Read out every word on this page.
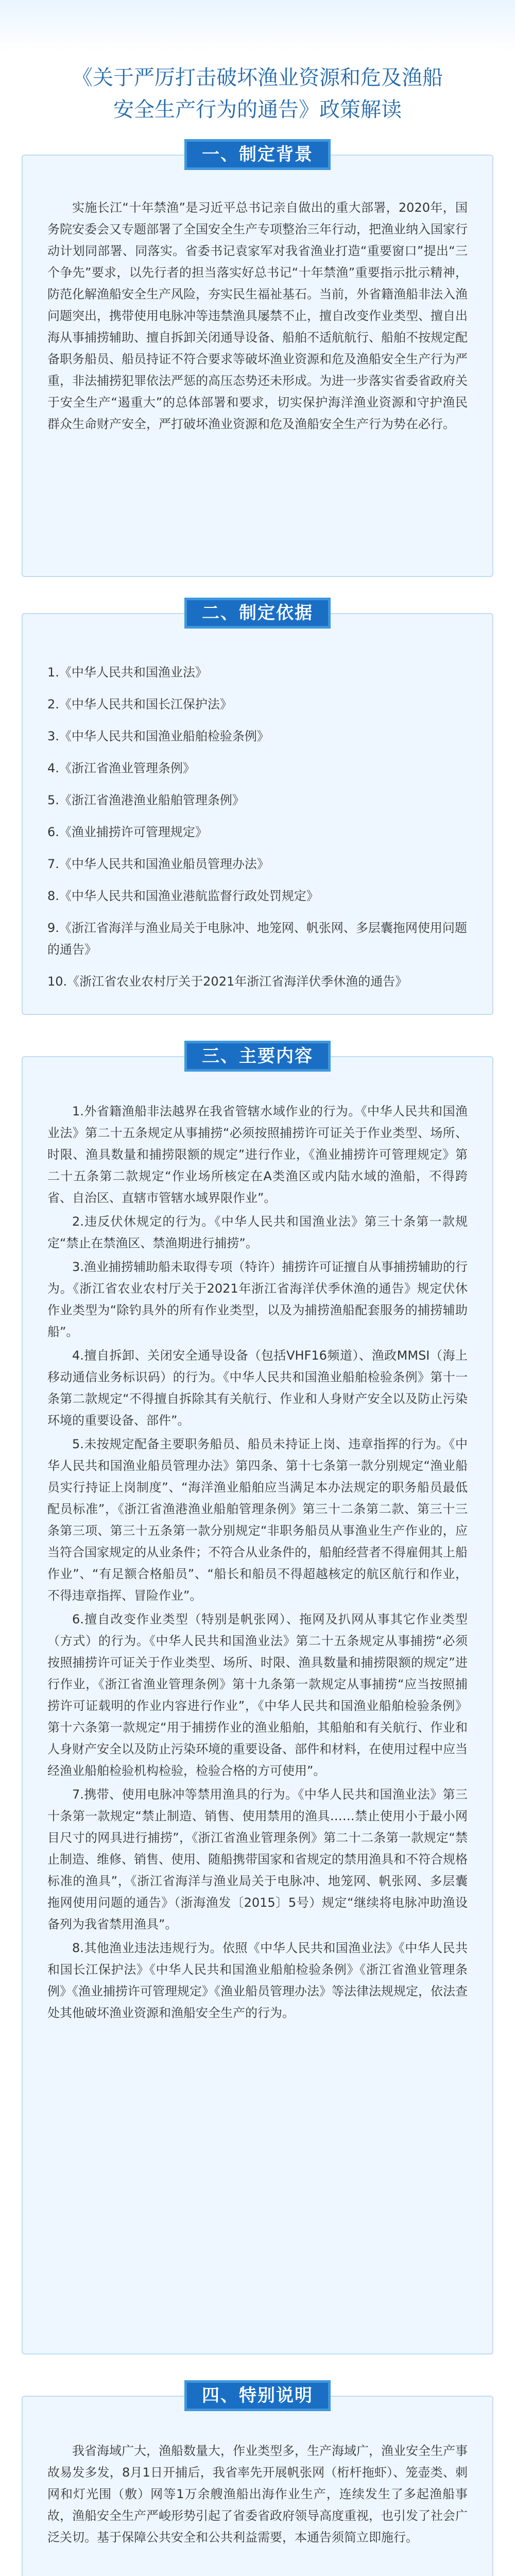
《关于严厉打击破坏渔业资源和危及渔船
安全生产行为的通告》政策解读

实施长江“十年禁渔”是习近平总书记亲自做出的重大部署，2020年，国务院安委会又专题部署了全国安全生产专项整治三年行动，把渔业纳入国家行动计划同部署、同落实。省委书记袁家军对我省渔业打造“重要窗口”提出“三个争先”要求，以先行者的担当落实好总书记“十年禁渔”重要指示批示精神，防范化解渔船安全生产风险，夯实民生福祉基石。当前，外省籍渔船非法入渔问题突出，携带使用电脉冲等违禁渔具屡禁不止，擅自改变作业类型、擅自出海从事捕捞辅助、擅自拆卸关闭通导设备、船舶不适航航行、船舶不按规定配备职务船员、船员持证不符合要求等破坏渔业资源和危及渔船安全生产行为严重，非法捕捞犯罪依法严惩的高压态势还未形成。为进一步落实省委省政府关于安全生产“遏重大”的总体部署和要求，切实保护海洋渔业资源和守护渔民群众生命财产安全，严打破坏渔业资源和危及渔船安全生产行为势在必行。

一、制定背景

1.《中华人民共和国渔业法》

2.《中华人民共和国长江保护法》

3.《中华人民共和国渔业船舶检验条例》

4.《浙江省渔业管理条例》

5.《浙江省渔港渔业船舶管理条例》

6.《渔业捕捞许可管理规定》

7.《中华人民共和国渔业船员管理办法》

8.《中华人民共和国渔业港航监督行政处罚规定》

9.《浙江省海洋与渔业局关于电脉冲、地笼网、帆张网、多层囊拖网使用问题的通告》

10.《浙江省农业农村厅关于2021年浙江省海洋伏季休渔的通告》

二、制定依据

1.外省籍渔船非法越界在我省管辖水域作业的行为。《中华人民共和国渔业法》第二十五条规定从事捕捞“必须按照捕捞许可证关于作业类型、场所、时限、渔具数量和捕捞限额的规定”进行作业，《渔业捕捞许可管理规定》第二十五条第二款规定“作业场所核定在A类渔区或内陆水域的渔船，不得跨省、自治区、直辖市管辖水域界限作业”。

2.违反伏休规定的行为。《中华人民共和国渔业法》第三十条第一款规定“禁止在禁渔区、禁渔期进行捕捞”。

3.渔业捕捞辅助船未取得专项（特许）捕捞许可证擅自从事捕捞辅助的行为。《浙江省农业农村厅关于2021年浙江省海洋伏季休渔的通告》规定伏休作业类型为“除钓具外的所有作业类型，以及为捕捞渔船配套服务的捕捞辅助船”。

4.擅自拆卸、关闭安全通导设备（包括VHF16频道）、渔政MMSI（海上移动通信业务标识码）的行为。《中华人民共和国渔业船舶检验条例》第十一条第二款规定“不得擅自拆除其有关航行、作业和人身财产安全以及防止污染环境的重要设备、部件”。

5.未按规定配备主要职务船员、船员未持证上岗、违章指挥的行为。《中华人民共和国渔业船员管理办法》第四条、第十七条第一款分别规定“渔业船员实行持证上岗制度”、“海洋渔业船舶应当满足本办法规定的职务船员最低配员标准”，《浙江省渔港渔业船舶管理条例》第三十二条第二款、第三十三条第三项、第三十五条第一款分别规定“非职务船员从事渔业生产作业的，应当符合国家规定的从业条件；不符合从业条件的，船舶经营者不得雇佣其上船作业”、“有足额合格船员”、“船长和船员不得超越核定的航区航行和作业，不得违章指挥、冒险作业”。

6.擅自改变作业类型（特别是帆张网）、拖网及扒网从事其它作业类型（方式）的行为。《中华人民共和国渔业法》第二十五条规定从事捕捞“必须按照捕捞许可证关于作业类型、场所、时限、渔具数量和捕捞限额的规定”进行作业，《浙江省渔业管理条例》第十九条第一款规定从事捕捞“应当按照捕捞许可证载明的作业内容进行作业”，《中华人民共和国渔业船舶检验条例》第十六条第一款规定“用于捕捞作业的渔业船舶，其船舶和有关航行、作业和人身财产安全以及防止污染环境的重要设备、部件和材料，在使用过程中应当经渔业船舶检验机构检验，检验合格的方可使用”。

7.携带、使用电脉冲等禁用渔具的行为。《中华人民共和国渔业法》第三十条第一款规定“禁止制造、销售、使用禁用的渔具……禁止使用小于最小网目尺寸的网具进行捕捞”，《浙江省渔业管理条例》第二十二条第一款规定“禁止制造、维修、销售、使用、随船携带国家和省规定的禁用渔具和不符合规格标准的渔具”，《浙江省海洋与渔业局关于电脉冲、地笼网、帆张网、多层囊拖网使用问题的通告》（浙海渔发〔2015〕5号）规定“继续将电脉冲助渔设备列为我省禁用渔具”。

8.其他渔业违法违规行为。依照《中华人民共和国渔业法》《中华人民共和国长江保护法》《中华人民共和国渔业船舶检验条例》《浙江省渔业管理条例》《渔业捕捞许可管理规定》《渔业船员管理办法》等法律法规规定，依法查处其他破坏渔业资源和渔船安全生产的行为。

三、主要内容

我省海域广大，渔船数量大，作业类型多，生产海域广，渔业安全生产事故易发多发，8月1日开捕后，我省率先开展帆张网（桁杆拖虾）、笼壶类、刺网和灯光围（敷）网等1万余艘渔船出海作业生产，连续发生了多起渔船事故，渔船安全生产严峻形势引起了省委省政府领导高度重视，也引发了社会广泛关切。基于保障公共安全和公共利益需要，本通告须简立即施行。

四、特别说明
